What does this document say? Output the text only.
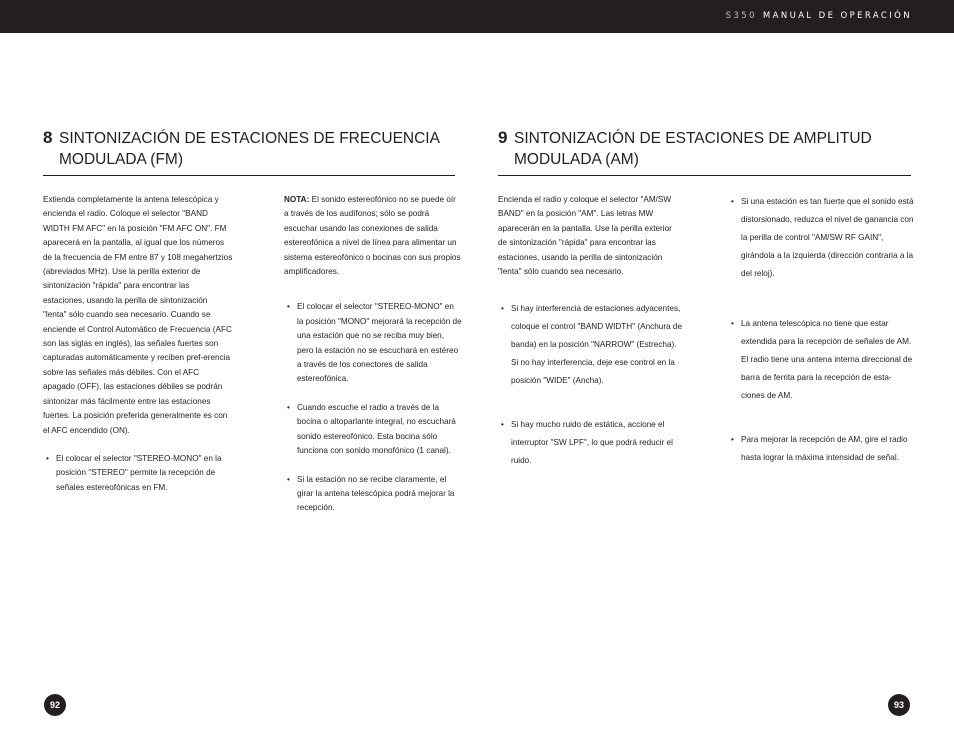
S350 MANUAL DE OPERACIÓN
8 SINTONIZACIÓN DE ESTACIONES DE FRECUENCIA MODULADA (FM)
9 SINTONIZACIÓN DE ESTACIONES DE AMPLITUD MODULADA (AM)

Extienda completamente la antena telescópica y encienda el radio. Coloque el selector "BAND WIDTH FM AFC" en la posición "FM AFC ON". FM aparecerá en la pantalla, al igual que los números de la frecuencia de FM entre 87 y 108 megahertzios (abreviados MHz). Use la perilla exterior de sintonización "rápida" para encontrar las estaciones, usando la perilla de sintonización "lenta" sólo cuando sea necesario. Cuando se enciende el Control Automático de Frecuencia (AFC son las siglas en inglés), las señales fuertes son capturadas automáticamente y reciben pref-erencia sobre las señales más débiles. Con el AFC apagado (OFF), las estaciones débiles se podrán sintonizar más fácilmente entre las estaciones fuertes. La posición preferida generalmente es con el AFC encendido (ON).

• El colocar el selector "STEREO-MONO" en la posición "STEREO" permite la recepción de señales estereofónicas en FM.

NOTA: El sonido estereofónico no se puede oír a través de los audífonos; sólo se podrá escuchar usando las conexiones de salida estereofónica a nivel de línea para alimentar un sistema estereofónico o bocinas con sus propios amplificadores.

• El colocar el selector "STEREO-MONO" en la posición "MONO" mejorará la recepción de una estación que no se reciba muy bien, pero la estación no se escuchará en estéreo a través de los conectores de salida estereofónica.
• Cuando escuche el radio a través de la bocina o altoparlante integral, no escuchará sonido estereofónico. Esta bocina sólo funciona con sonido monofónico (1 canal).
• Si la estación no se recibe claramente, el girar la antena telescópica podrá mejorar la recepción.

Encienda el radio y coloque el selector "AM/SW BAND" en la posición "AM". Las letras MW aparecerán en la pantalla. Use la perilla exterior de sintonización "rápida" para encontrar las estaciones, usando la perilla de sintonización "lenta" sólo cuando sea necesario.

• Si hay interferencia de estaciones adyacentes, coloque el control "BAND WIDTH" (Anchura de banda) en la posición "NARROW" (Estrecha). Si no hay interferencia, deje ese control en la posición "WIDE" (Ancha).
• Si hay mucho ruido de estática, accione el interruptor "SW LPF", lo que podrá reducir el ruido.
• Si una estación es tan fuerte que el sonido está distorsionado, reduzca el nivel de ganancia con la perilla de control "AM/SW RF GAIN", girándola a la izquierda (dirección contraria a la del reloj).
• La antena telescópica no tiene que estar extendida para la recepción de señales de AM. El radio tiene una antena interna direccional de barra de ferrita para la recepción de esta-ciones de AM.
• Para mejorar la recepción de AM, gire el radio hasta lograr la máxima intensidad de señal.
92	93
